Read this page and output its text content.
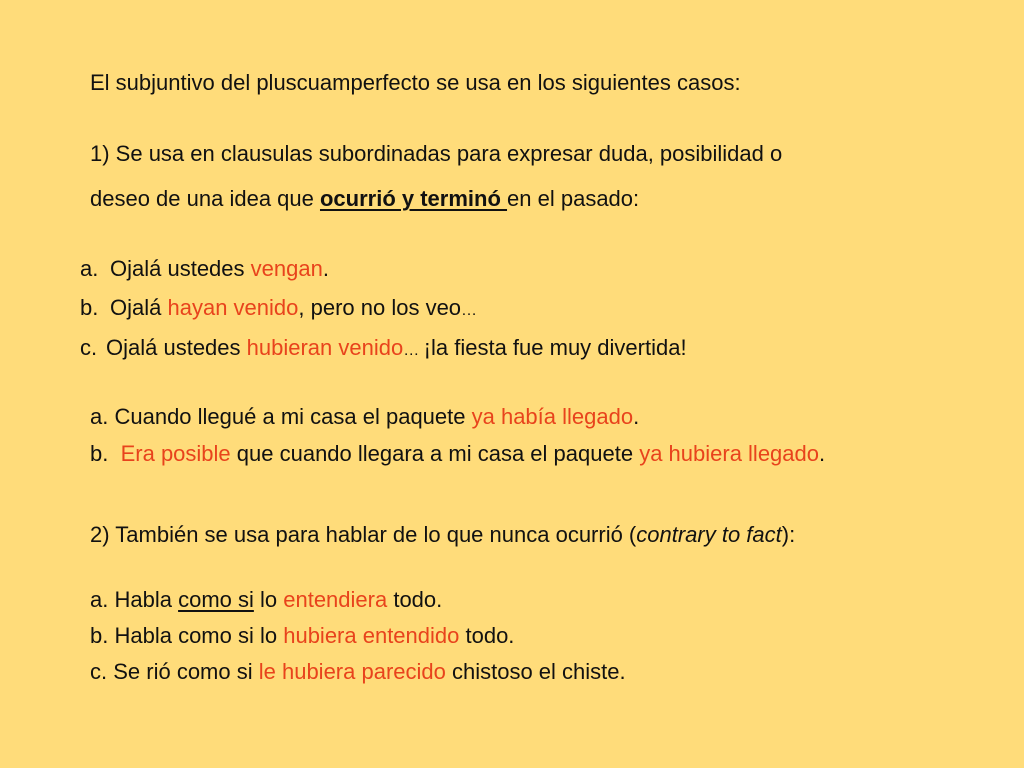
El subjuntivo del pluscuamperfecto se usa en los siguientes casos:
1) Se usa en clausulas subordinadas para expresar duda, posibilidad o
deseo de una idea que ocurrió y terminó en el pasado:
a. Ojalá ustedes vengan.
b. Ojalá hayan venido, pero no los veo…
c. Ojalá ustedes hubieran venido… ¡la fiesta fue muy divertida!
a. Cuando llegué a mi casa el paquete ya había llegado.
b. Era posible que cuando llegara a mi casa el paquete ya hubiera llegado.
2) También se usa para hablar de lo que nunca ocurrió (contrary to fact):
a. Habla como si lo entendiera todo.
b. Habla como si lo hubiera entendido todo.
c. Se rió como si le hubiera parecido chistoso el chiste.
